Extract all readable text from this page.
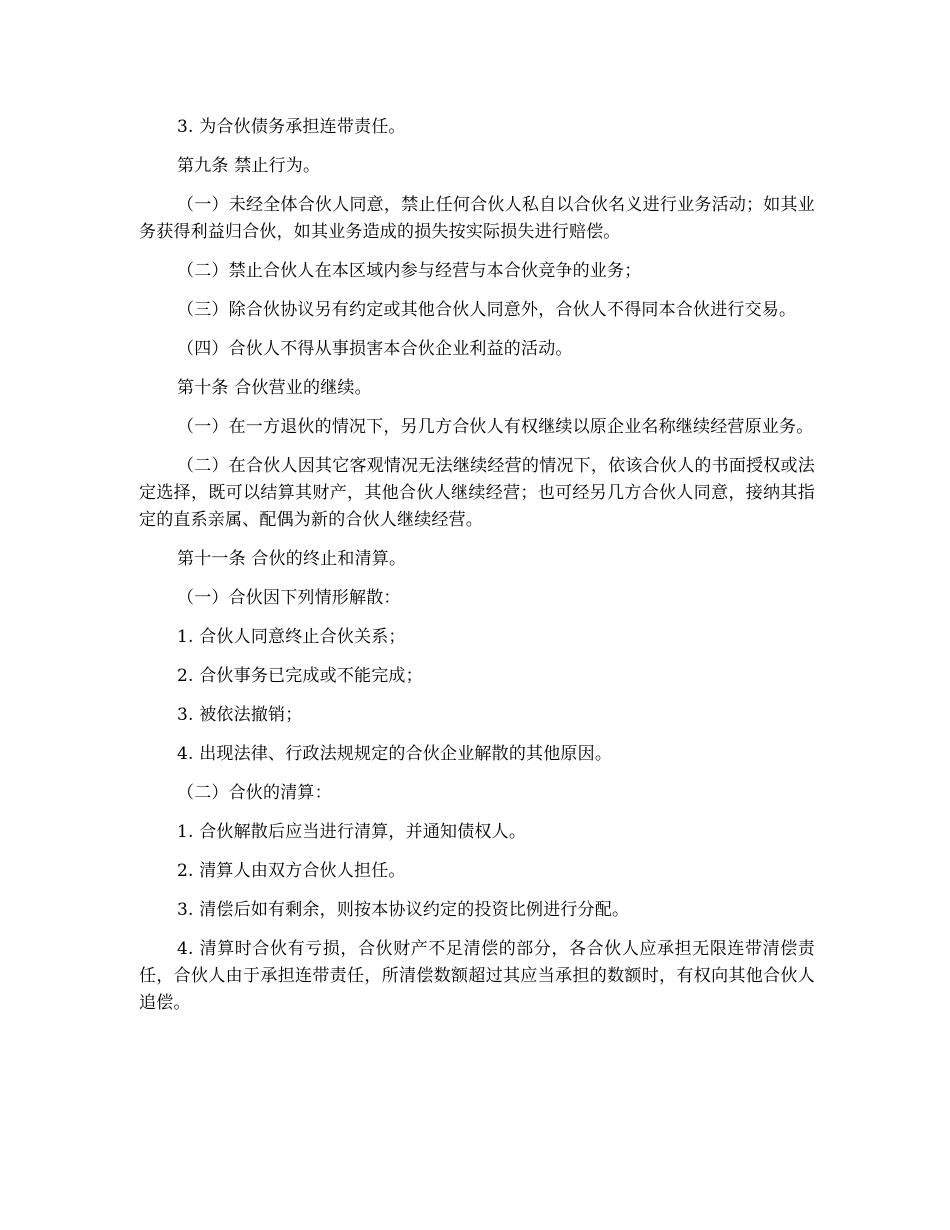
3. 为合伙债务承担连带责任。

第九条 禁止行为。

（一）未经全体合伙人同意，禁止任何合伙人私自以合伙名义进行业务活动；如其业务获得利益归合伙，如其业务造成的损失按实际损失进行赔偿。

（二）禁止合伙人在本区域内参与经营与本合伙竞争的业务；

（三）除合伙协议另有约定或其他合伙人同意外，合伙人不得同本合伙进行交易。

（四）合伙人不得从事损害本合伙企业利益的活动。

第十条 合伙营业的继续。

（一）在一方退伙的情况下，另几方合伙人有权继续以原企业名称继续经营原业务。

（二）在合伙人因其它客观情况无法继续经营的情况下，依该合伙人的书面授权或法定选择，既可以结算其财产，其他合伙人继续经营；也可经另几方合伙人同意，接纳其指定的直系亲属、配偶为新的合伙人继续经营。

第十一条 合伙的终止和清算。

（一）合伙因下列情形解散：

1. 合伙人同意终止合伙关系；

2. 合伙事务已完成或不能完成；

3. 被依法撤销；

4. 出现法律、行政法规规定的合伙企业解散的其他原因。

（二）合伙的清算：

1. 合伙解散后应当进行清算，并通知债权人。

2. 清算人由双方合伙人担任。

3. 清偿后如有剩余，则按本协议约定的投资比例进行分配。

4. 清算时合伙有亏损，合伙财产不足清偿的部分，各合伙人应承担无限连带清偿责任，合伙人由于承担连带责任，所清偿数额超过其应当承担的数额时，有权向其他合伙人追偿。
